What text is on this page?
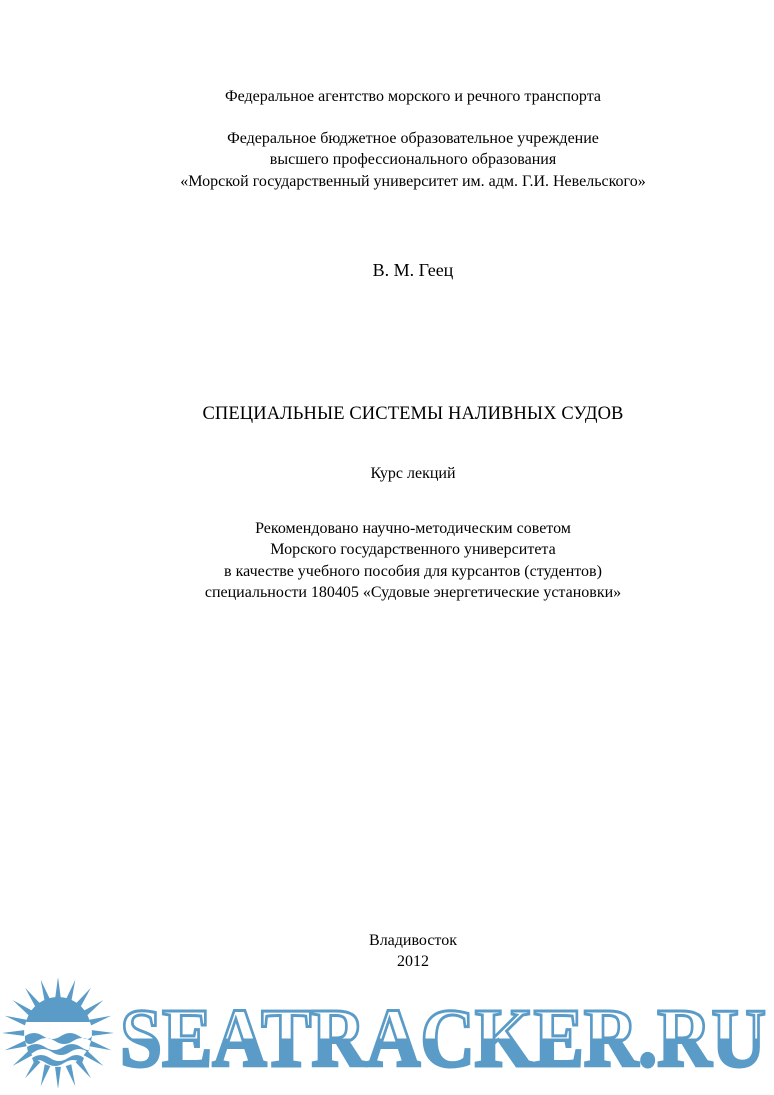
Федеральное агентство морского и речного транспорта
Федеральное бюджетное образовательное учреждение
высшего профессионального образования
«Морской государственный университет им. адм. Г.И. Невельского»
В. М. Геец
СПЕЦИАЛЬНЫЕ СИСТЕМЫ НАЛИВНЫХ СУДОВ
Курс лекций
Рекомендовано научно-методическим советом
Морского государственного университета
в качестве учебного пособия для курсантов (студентов)
специальности 180405 «Судовые энергетические установки»
Владивосток
2012
SEATRACKER.RU
